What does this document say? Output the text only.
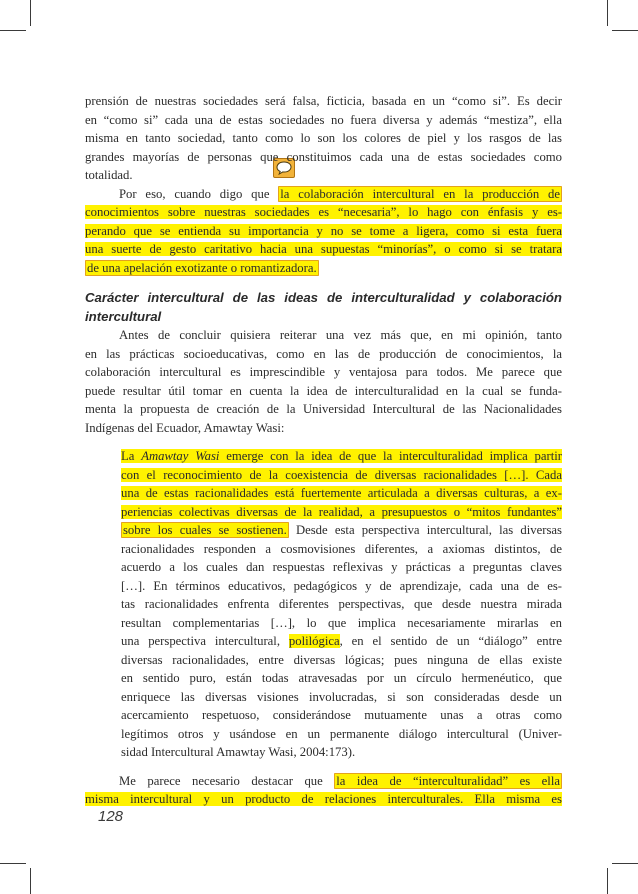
prensión de nuestras sociedades será falsa, ficticia, basada en un “como si”. Es decir
en “como si” cada una de estas sociedades no fuera diversa y además “mestiza”, ella
misma en tanto sociedad, tanto como lo son los colores de piel y los rasgos de las
grandes mayorías de personas que constituimos cada una de estas sociedades como
totalidad.
Por eso, cuando digo que la colaboración intercultural en la producción de
conocimientos sobre nuestras sociedades es “necesaria”, lo hago con énfasis y es-
perando que se entienda su importancia y no se tome a ligera, como si esta fuera
una suerte de gesto caritativo hacia una supuestas “minorías”, o como si se tratara
de una apelación exotizante o romantizadora.
Carácter intercultural de las ideas de interculturalidad y colaboración
intercultural
Antes de concluir quisiera reiterar una vez más que, en mi opinión, tanto
en las prácticas socioeducativas, como en las de producción de conocimientos, la
colaboración intercultural es imprescindible y ventajosa para todos. Me parece que
puede resultar útil tomar en cuenta la idea de interculturalidad en la cual se funda-
menta la propuesta de creación de la Universidad Intercultural de las Nacionalidades
Indígenas del Ecuador, Amawtay Wasi:
La Amawtay Wasi emerge con la idea de que la interculturalidad implica partir
con el reconocimiento de la coexistencia de diversas racionalidades […]. Cada
una de estas racionalidades está fuertemente articulada a diversas culturas, a ex-
periencias colectivas diversas de la realidad, a presupuestos o “mitos fundantes”
sobre los cuales se sostienen. Desde esta perspectiva intercultural, las diversas
racionalidades responden a cosmovisiones diferentes, a axiomas distintos, de
acuerdo a los cuales dan respuestas reflexivas y prácticas a preguntas claves
[…]. En términos educativos, pedagógicos y de aprendizaje, cada una de es-
tas racionalidades enfrenta diferentes perspectivas, que desde nuestra mirada
resultan complementarias […], lo que implica necesariamente mirarlas en
una perspectiva intercultural, polilógica, en el sentido de un “diálogo” entre
diversas racionalidades, entre diversas lógicas; pues ninguna de ellas existe
en sentido puro, están todas atravesadas por un círculo hermenéutico, que
enriquece las diversas visiones involucradas, si son consideradas desde un
acercamiento respetuoso, considerándose mutuamente unas a otras como
legítimos otros y usándose en un permanente diálogo intercultural (Univer-
sidad Intercultural Amawtay Wasi, 2004:173).
Me parece necesario destacar que la idea de “interculturalidad” es ella
misma intercultural y un producto de relaciones interculturales. Ella misma es
128
